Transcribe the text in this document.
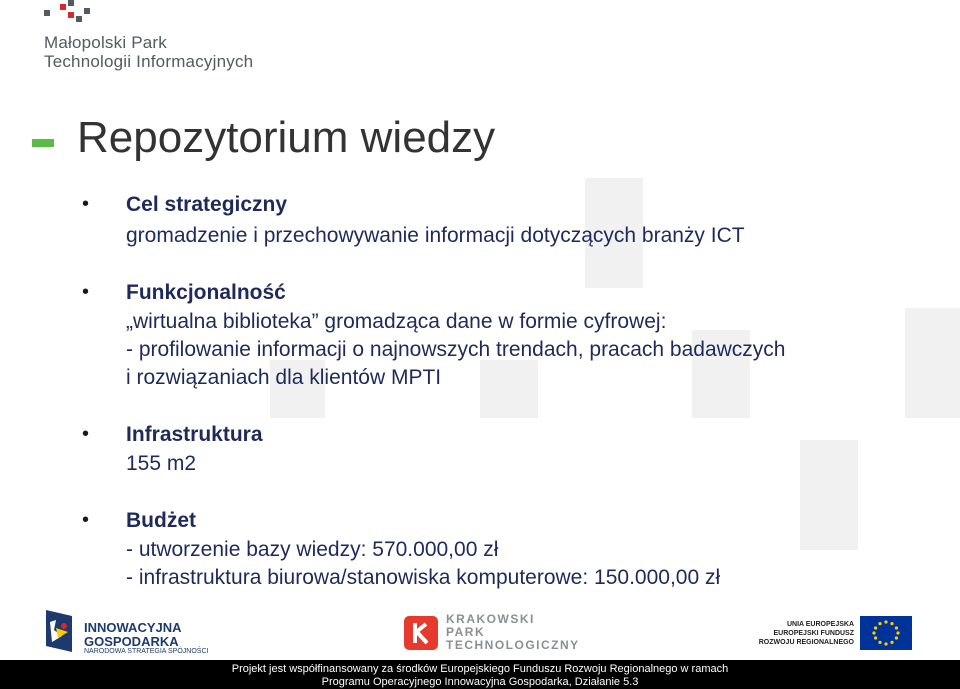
Małopolski Park
Technologii Informacyjnych
Repozytorium wiedzy
• Cel strategiczny
gromadzenie i przechowywanie informacji dotyczących branży ICT
• Funkcjonalność
„wirtualna biblioteka” gromadząca dane w formie cyfrowej:
- profilowanie informacji o najnowszych trendach, pracach badawczych
i rozwiązaniach dla klientów MPTI
• Infrastruktura
155 m2
• Budżet
- utworzenie bazy wiedzy: 570.000,00 zł
- infrastruktura biurowa/stanowiska komputerowe: 150.000,00 zł
INNOWACYJNA
GOSPODARKA
NARODOWA STRATEGIA SPÓJNOŚCI
KRAKOWSKI
PARK
TECHNOLOGICZNY
UNIA EUROPEJSKA
EUROPEJSKI FUNDUSZ
ROZWOJU REGIONALNEGO
Projekt jest współfinansowany za środków Europejskiego Funduszu Rozwoju Regionalnego w ramach
Programu Operacyjnego Innowacyjna Gospodarka, Działanie 5.3
